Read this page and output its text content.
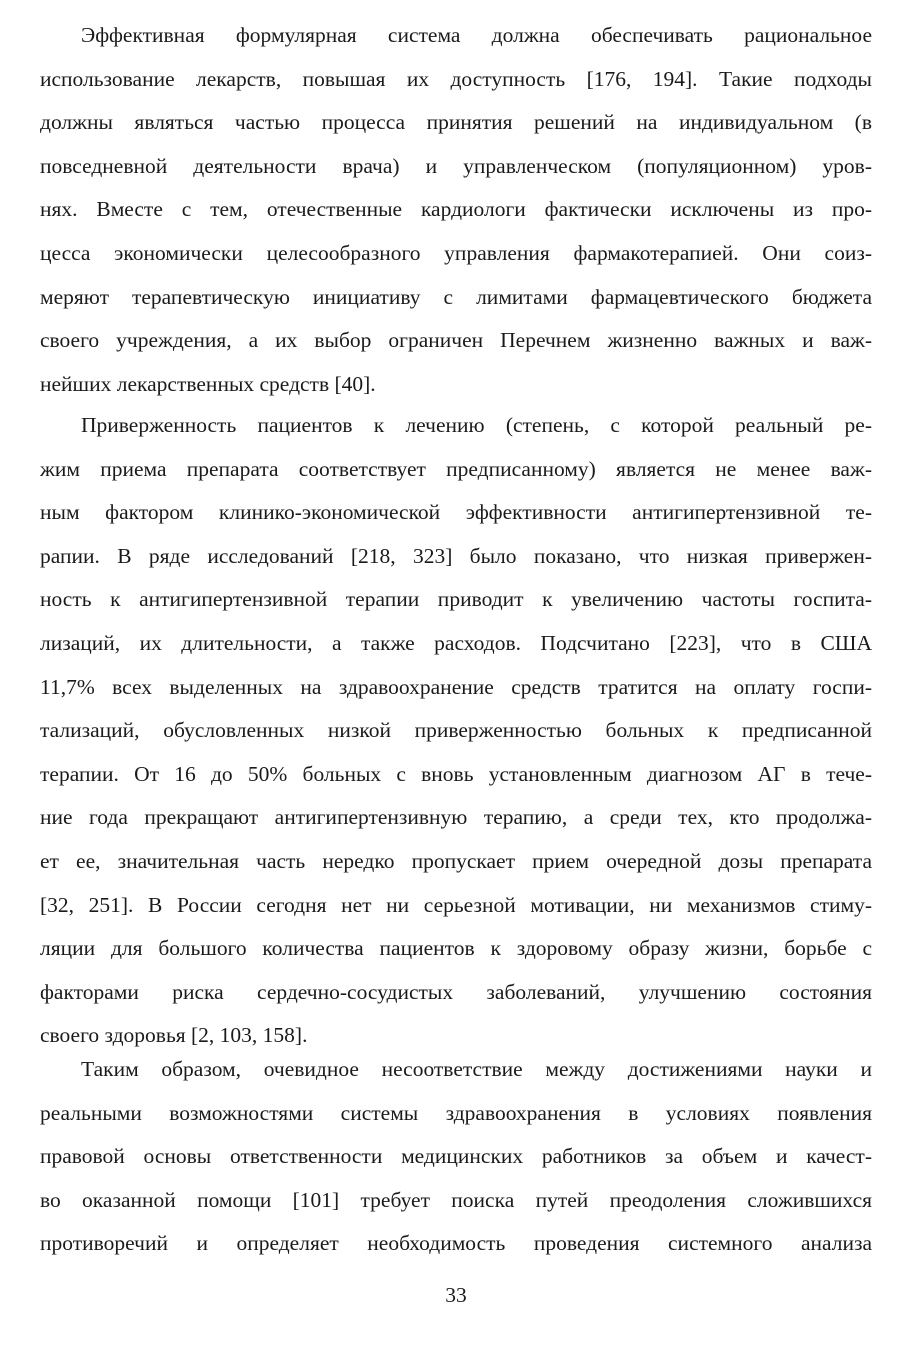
Эффективная формулярная система должна обеспечивать рациональное
использование лекарств, повышая их доступность [176, 194]. Такие подходы
должны являться частью процесса принятия решений на индивидуальном (в
повседневной деятельности врача) и управленческом (популяционном) уров-
нях. Вместе с тем, отечественные кардиологи фактически исключены из про-
цесса экономически целесообразного управления фармакотерапией. Они соиз-
меряют терапевтическую инициативу с лимитами фармацевтического бюджета
своего учреждения, а их выбор ограничен Перечнем жизненно важных и важ-
нейших лекарственных средств [40].

Приверженность пациентов к лечению (степень, с которой реальный ре-
жим приема препарата соответствует предписанному) является не менее важ-
ным фактором клинико-экономической эффективности антигипертензивной те-
рапии. В ряде исследований [218, 323] было показано, что низкая привержен-
ность к антигипертензивной терапии приводит к увеличению частоты госпита-
лизаций, их длительности, а также расходов. Подсчитано [223], что в США
11,7% всех выделенных на здравоохранение средств тратится на оплату госпи-
тализаций, обусловленных низкой приверженностью больных к предписанной
терапии. От 16 до 50% больных с вновь установленным диагнозом АГ в тече-
ние года прекращают антигипертензивную терапию, а среди тех, кто продолжа-
ет ее, значительная часть нередко пропускает прием очередной дозы препарата
[32, 251]. В России сегодня нет ни серьезной мотивации, ни механизмов стиму-
ляции для большого количества пациентов к здоровому образу жизни, борьбе с
факторами риска сердечно-сосудистых заболеваний, улучшению состояния
своего здоровья [2, 103, 158].

Таким образом, очевидное несоответствие между достижениями науки и
реальными возможностями системы здравоохранения в условиях появления
правовой основы ответственности медицинских работников за объем и качест-
во оказанной помощи [101] требует поиска путей преодоления сложившихся
противоречий и определяет необходимость проведения системного анализа

33
